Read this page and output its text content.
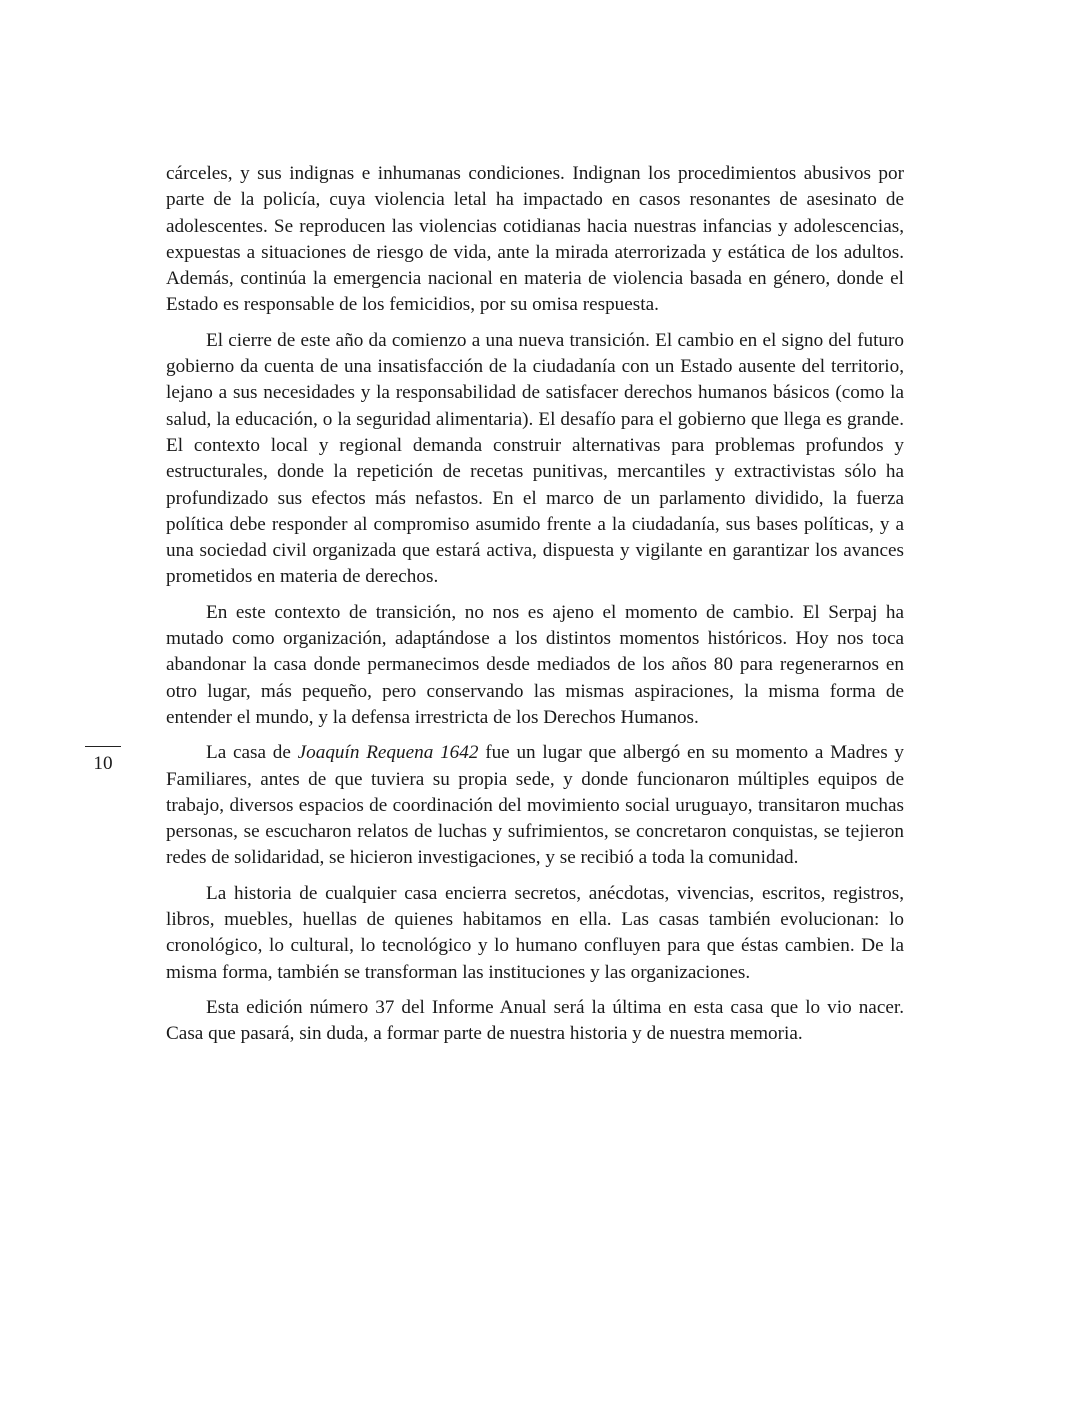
cárceles, y sus indignas e inhumanas condiciones. Indignan los procedimientos abusivos por parte de la policía, cuya violencia letal ha impactado en casos resonantes de asesinato de adolescentes. Se reproducen las violencias cotidianas hacia nuestras infancias y adolescencias, expuestas a situaciones de riesgo de vida, ante la mirada aterrorizada y estática de los adultos. Además, continúa la emergencia nacional en materia de violencia basada en género, donde el Estado es responsable de los femicidios, por su omisa respuesta.

El cierre de este año da comienzo a una nueva transición. El cambio en el signo del futuro gobierno da cuenta de una insatisfacción de la ciudadanía con un Estado ausente del territorio, lejano a sus necesidades y la responsabilidad de satisfacer derechos humanos básicos (como la salud, la educación, o la seguridad alimentaria). El desafío para el gobierno que llega es grande. El contexto local y regional demanda construir alternativas para problemas profundos y estructurales, donde la repetición de recetas punitivas, mercantiles y extractivistas sólo ha profundizado sus efectos más nefastos. En el marco de un parlamento dividido, la fuerza política debe responder al compromiso asumido frente a la ciudadanía, sus bases políticas, y a una sociedad civil organizada que estará activa, dispuesta y vigilante en garantizar los avances prometidos en materia de derechos.

En este contexto de transición, no nos es ajeno el momento de cambio. El Serpaj ha mutado como organización, adaptándose a los distintos momentos históricos. Hoy nos toca abandonar la casa donde permanecimos desde mediados de los años 80 para regenerarnos en otro lugar, más pequeño, pero conservando las mismas aspiraciones, la misma forma de entender el mundo, y la defensa irrestricta de los Derechos Humanos.

La casa de Joaquín Requena 1642 fue un lugar que albergó en su momento a Madres y Familiares, antes de que tuviera su propia sede, y donde funcionaron múltiples equipos de trabajo, diversos espacios de coordinación del movimiento social uruguayo, transitaron muchas personas, se escucharon relatos de luchas y sufrimientos, se concretaron conquistas, se tejieron redes de solidaridad, se hicieron investigaciones, y se recibió a toda la comunidad.

La historia de cualquier casa encierra secretos, anécdotas, vivencias, escritos, registros, libros, muebles, huellas de quienes habitamos en ella. Las casas también evolucionan: lo cronológico, lo cultural, lo tecnológico y lo humano confluyen para que éstas cambien. De la misma forma, también se transforman las instituciones y las organizaciones.

Esta edición número 37 del Informe Anual será la última en esta casa que lo vio nacer. Casa que pasará, sin duda, a formar parte de nuestra historia y de nuestra memoria.

10
